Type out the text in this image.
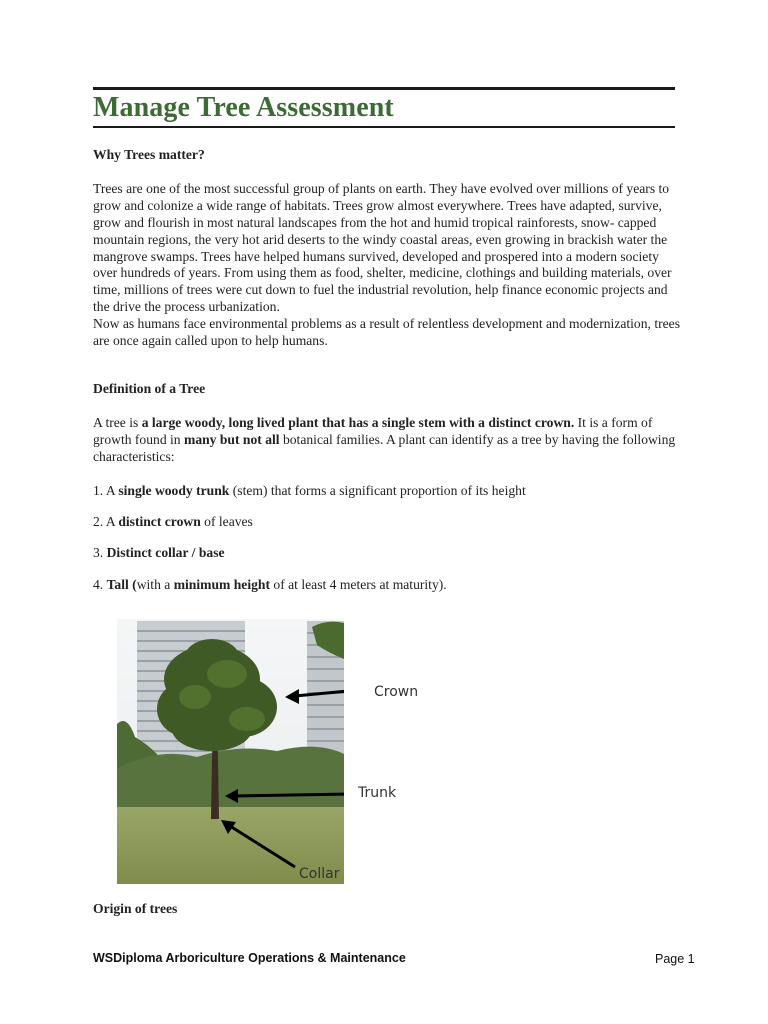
Manage Tree Assessment

Why Trees matter?

Trees are one of the most successful group of plants on earth. They have evolved over millions of years to grow and colonize a wide range of habitats. Trees grow almost everywhere. Trees have adapted, survive, grow and flourish in most natural landscapes from the hot and humid tropical rainforests, snow- capped mountain regions, the very hot arid deserts to the windy coastal areas, even growing in brackish water the mangrove swamps. Trees have helped humans survived, developed and prospered into a modern society over hundreds of years. From using them as food, shelter, medicine, clothings and building materials, over time, millions of trees were cut down to fuel the industrial revolution, help finance economic projects and the drive the process urbanization.

Now as humans face environmental problems as a result of relentless development and modernization, trees are once again called upon to help humans.

Definition of a Tree

A tree is a large woody, long lived plant that has a single stem with a distinct crown. It is a form of growth found in many but not all botanical families. A plant can identify as a tree by having the following characteristics:

1. A single woody trunk (stem) that forms a significant proportion of its height

2. A distinct crown of leaves

3. Distinct collar / base

4. Tall (with a minimum height of at least 4 meters at maturity).

Crown
Trunk
Collar

Origin of trees

WSDiploma Arboriculture Operations & Maintenance	Page 1
